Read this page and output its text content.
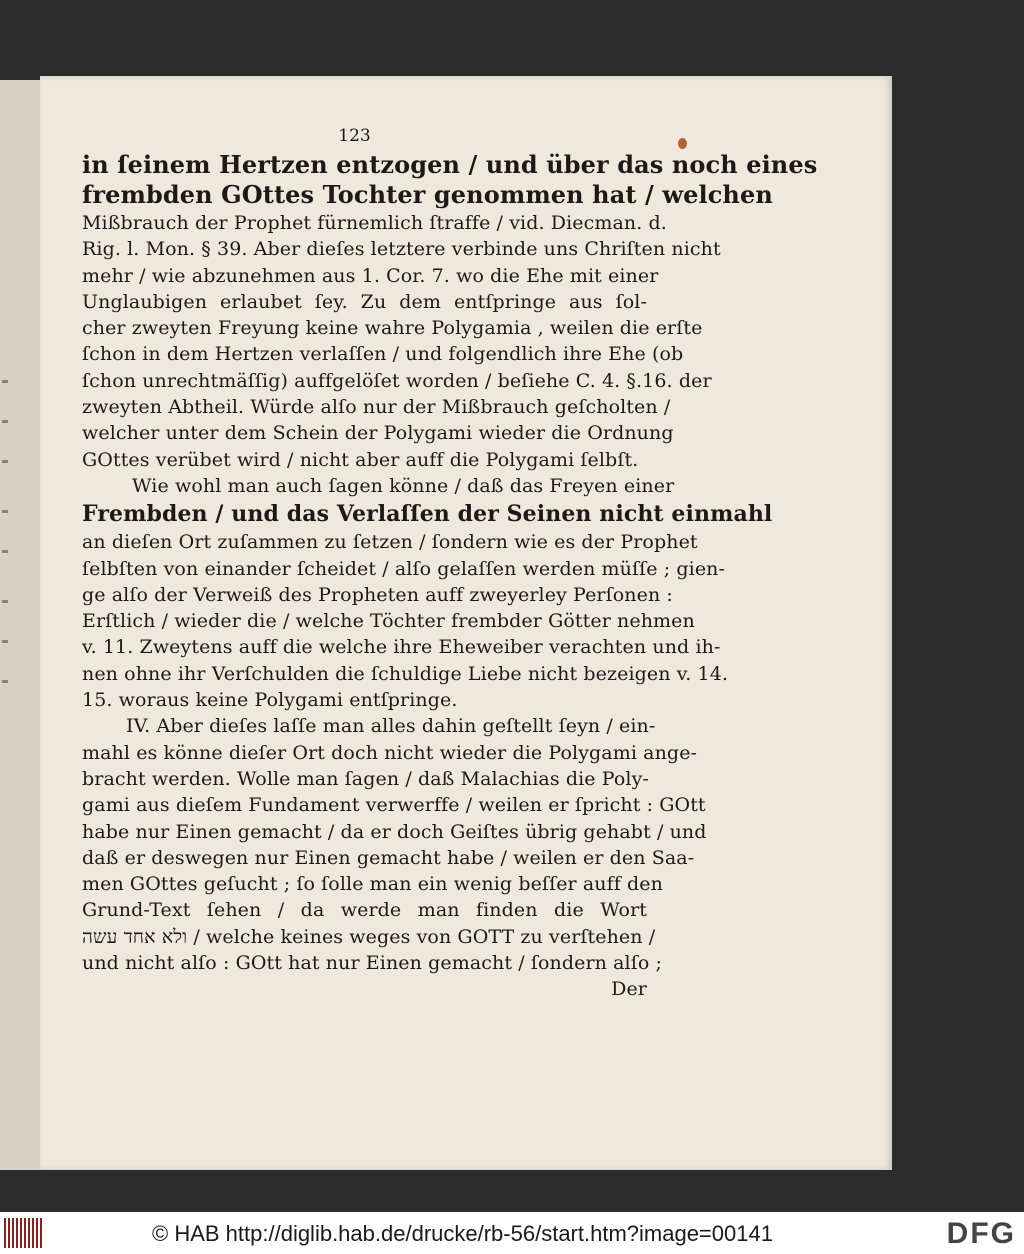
123
in ſeinem Hertzen entzogen / und über das noch eines
frembden GOttes Tochter genommen hat / welchen
Mißbrauch der Prophet fürnemlich ſtraffe / vid. Diecman. d.
Rig. l. Mon. § 39. Aber dieſes letztere verbinde uns Chriſten nicht
mehr / wie abzunehmen aus 1. Cor. 7. wo die Ehe mit einer
Unglaubigen erlaubet ſey. Zu dem entſpringe aus ſol-
cher zweyten Freyung keine wahre Polygamia , weilen die erſte
ſchon in dem Hertzen verlaſſen / und folgendlich ihre Ehe (ob
ſchon unrechtmäſſig) auffgelöſet worden / beſiehe C. 4. §.16. der
zweyten Abtheil. Würde alſo nur der Mißbrauch geſcholten /
welcher unter dem Schein der Polygami wieder die Ordnung
GOttes verübet wird / nicht aber auff die Polygami ſelbſt.
Wie wohl man auch ſagen könne / daß das Freyen einer
Frembden / und das Verlaſſen der Seinen nicht einmahl
an dieſen Ort zuſammen zu ſetzen / ſondern wie es der Prophet
ſelbſten von einander ſcheidet / alſo gelaſſen werden müſſe ; gien-
ge alſo der Verweiß des Propheten auff zweyerley Perſonen :
Erſtlich / wieder die / welche Töchter frembder Götter nehmen
v. 11. Zweytens auff die welche ihre Eheweiber verachten und ih-
nen ohne ihr Verſchulden die ſchuldige Liebe nicht bezeigen v. 14.
15. woraus keine Polygami entſpringe.
IV. Aber dieſes laſſe man alles dahin geſtellt ſeyn / ein-
mahl es könne dieſer Ort doch nicht wieder die Polygami ange-
bracht werden. Wolle man ſagen / daß Malachias die Poly-
gami aus dieſem Fundament verwerffe / weilen er ſpricht : GOtt
habe nur Einen gemacht / da er doch Geiſtes übrig gehabt / und
daß er deswegen nur Einen gemacht habe / weilen er den Saa-
men GOttes geſucht ; ſo ſolle man ein wenig beſſer auff den
Grund-Text ſehen / da werde man finden die Wort
ולא אחד עשה / welche keines weges von GOTT zu verſtehen /
und nicht alſo : GOtt hat nur Einen gemacht / ſondern alſo ;
Der
© HAB http://diglib.hab.de/drucke/rb-56/start.htm?image=00141	DFG
